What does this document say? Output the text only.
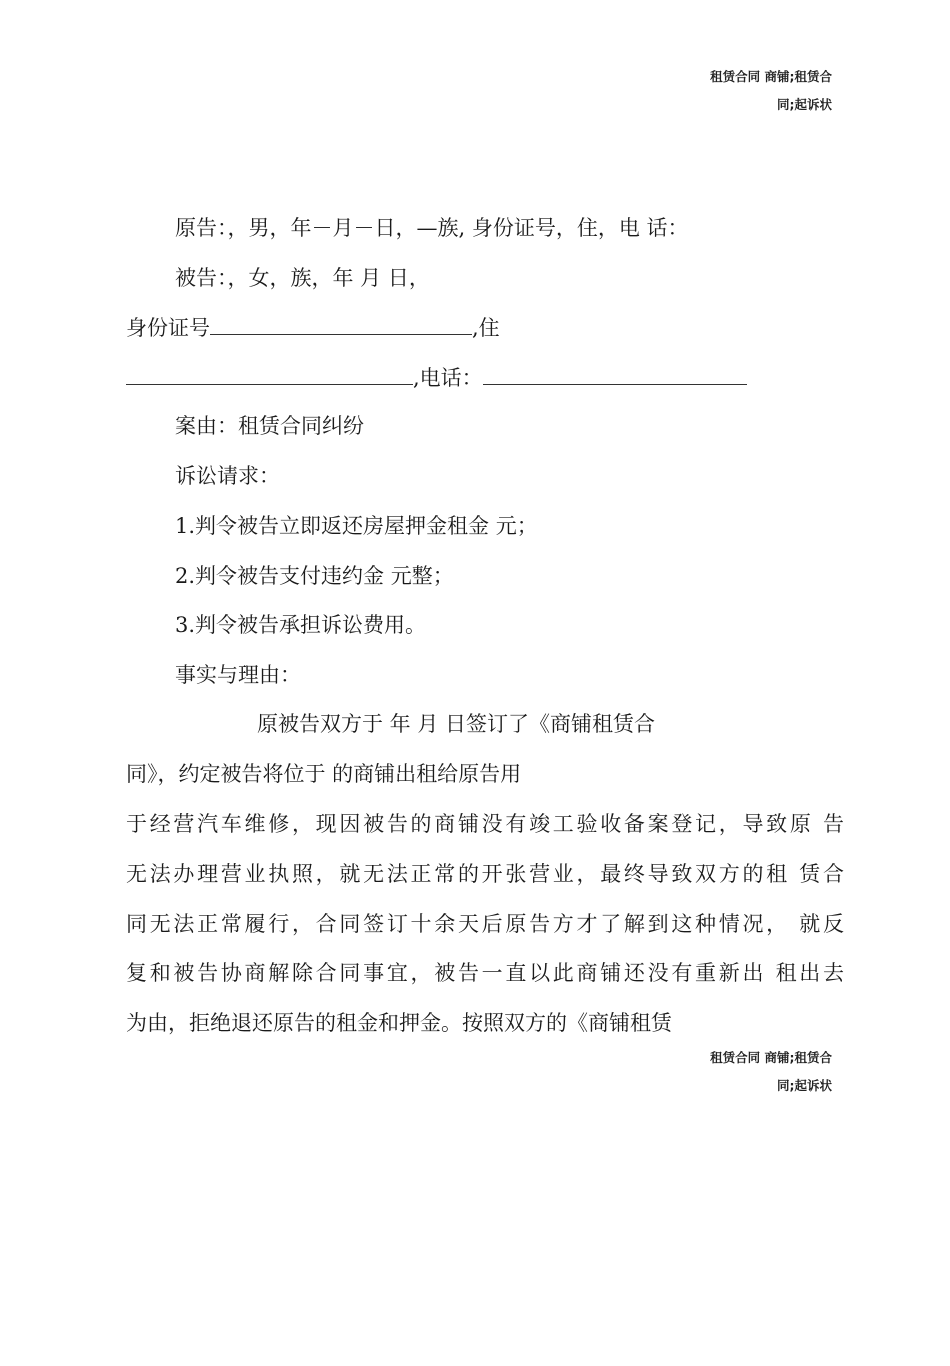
租赁合同 商铺;租赁合
同;起诉状
原告：，男，年－月－日，—族, 身份证号，住，电 话：
被告：，女，族，年 月 日，
身份证号	,住
,电话：
案由：租赁合同纠纷
诉讼请求：
1.判令被告立即返还房屋押金租金 元；
2.判令被告支付违约金 元整；
3.判令被告承担诉讼费用。
事实与理由：
原被告双方于 年 月 日签订了《商铺租赁合
同》，约定被告将位于 的商铺出租给原告用
于经营汽车维修，现因被告的商铺没有竣工验收备案登记，导致原 告
无法办理营业执照，就无法正常的开张营业，最终导致双方的租 赁合
同无法正常履行，合同签订十余天后原告方才了解到这种情况， 就反
复和被告协商解除合同事宜，被告一直以此商铺还没有重新出 租出去
为由，拒绝退还原告的租金和押金。按照双方的《商铺租赁
租赁合同 商铺;租赁合
同;起诉状
